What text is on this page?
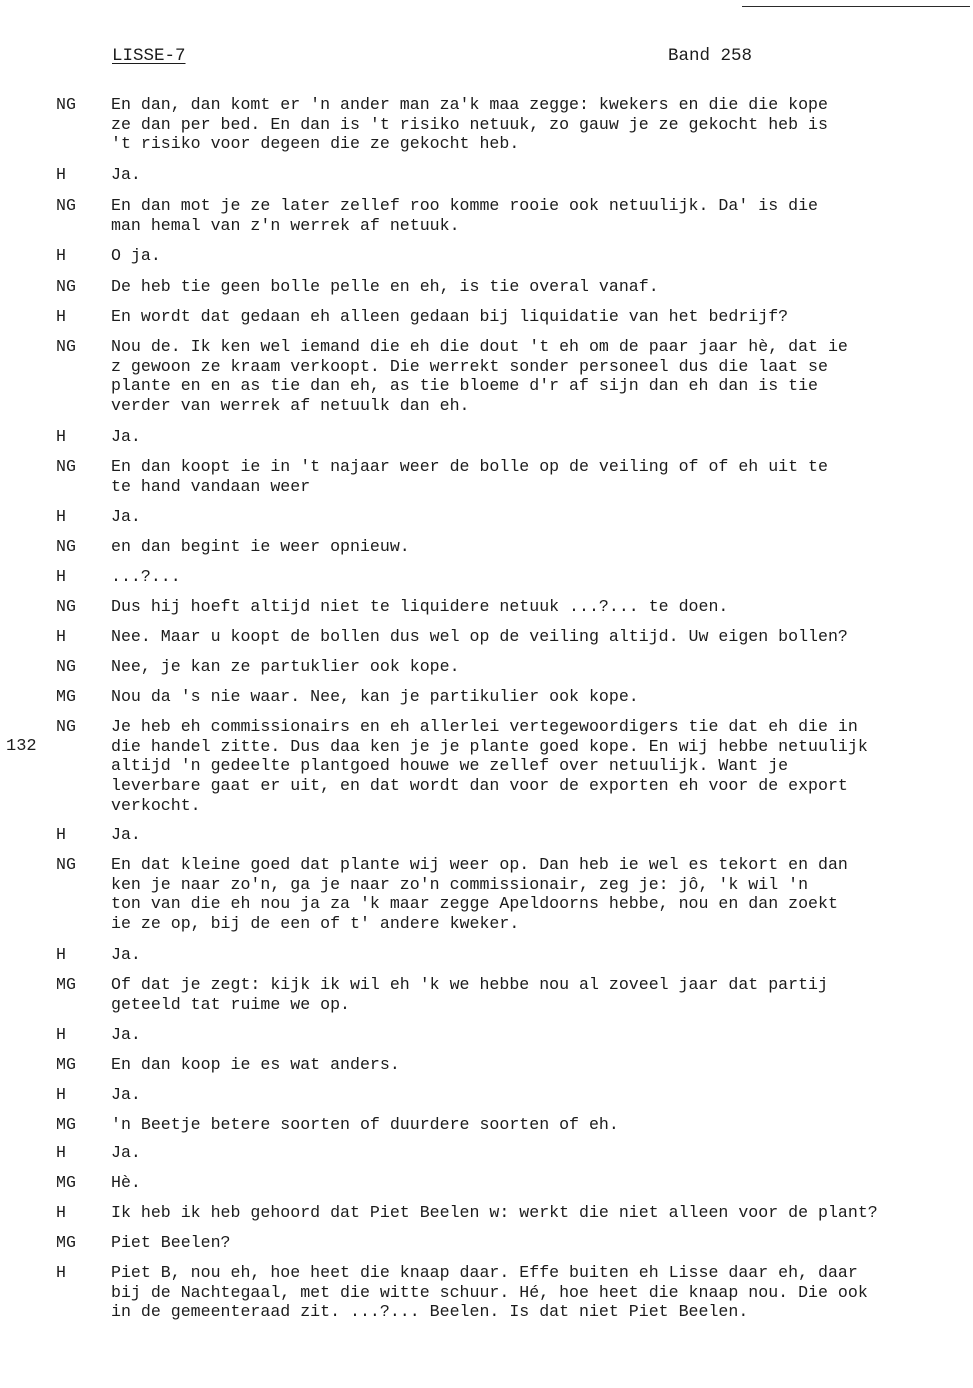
LISSE-7	Band 258
132
NG En dan, dan komt er 'n ander man za'k maa zegge: kwekers en die die kope
ze dan per bed. En dan is 't risiko netuuk, zo gauw je ze gekocht heb is
't risiko voor degeen die ze gekocht heb.
H	Ja.
NG En dan mot je ze later zellef roo komme rooie ook netuulijk. Da' is die
man hemal van z'n werrek af netuuk.
H	O ja.
NG De heb tie geen bolle pelle en eh, is tie overal vanaf.
H	En wordt dat gedaan eh alleen gedaan bij liquidatie van het bedrijf?
NG Nou de. Ik ken wel iemand die eh die dout 't eh om de paar jaar hè, dat ie
z gewoon ze kraam verkoopt. Die werrekt sonder personeel dus die laat se
plante en en as tie dan eh, as tie bloeme d'r af sijn dan eh dan is tie
verder van werrek af netuulk dan eh.
H	Ja.
NG En dan koopt ie in 't najaar weer de bolle op de veiling of of eh uit te
te hand vandaan weer
H	Ja.
NG en dan begint ie weer opnieuw.
H	...?...
NG Dus hij hoeft altijd niet te liquidere netuuk ...?... te doen.
H	Nee. Maar u koopt de bollen dus wel op de veiling altijd. Uw eigen bollen?
NG Nee, je kan ze partuklier ook kope.
MG Nou da 's nie waar. Nee, kan je partikulier ook kope.
NG Je heb eh commissionairs en eh allerlei vertegewoordigers tie dat eh die in
die handel zitte. Dus daa ken je je plante goed kope. En wij hebbe netuulijk
altijd 'n gedeelte plantgoed houwe we zellef over netuulijk. Want je
leverbare gaat er uit, en dat wordt dan voor de exporten eh voor de export
verkocht.
H	Ja.
NG En dat kleine goed dat plante wij weer op. Dan heb ie wel es tekort en dan
ken je naar zo'n, ga je naar zo'n commissionair, zeg je: jô, 'k wil 'n
ton van die eh nou ja za 'k maar zegge Apeldoorns hebbe, nou en dan zoekt
ie ze op, bij de een of t' andere kweker.
H	Ja.
MG Of dat je zegt: kijk ik wil eh 'k we hebbe nou al zoveel jaar dat partij
geteeld tat ruime we op.
H	Ja.
MG En dan koop ie es wat anders.
H	Ja.
MG 'n Beetje betere soorten of duurdere soorten of eh.
H	Ja.
MG Hè.
H	Ik heb ik heb gehoord dat Piet Beelen w: werkt die niet alleen voor de plant?
MG Piet Beelen?
H	Piet B, nou eh, hoe heet die knaap daar. Effe buiten eh Lisse daar eh, daar
bij de Nachtegaal, met die witte schuur. Hé, hoe heet die knaap nou. Die ook
in de gemeenteraad zit. ...?... Beelen. Is dat niet Piet Beelen.
